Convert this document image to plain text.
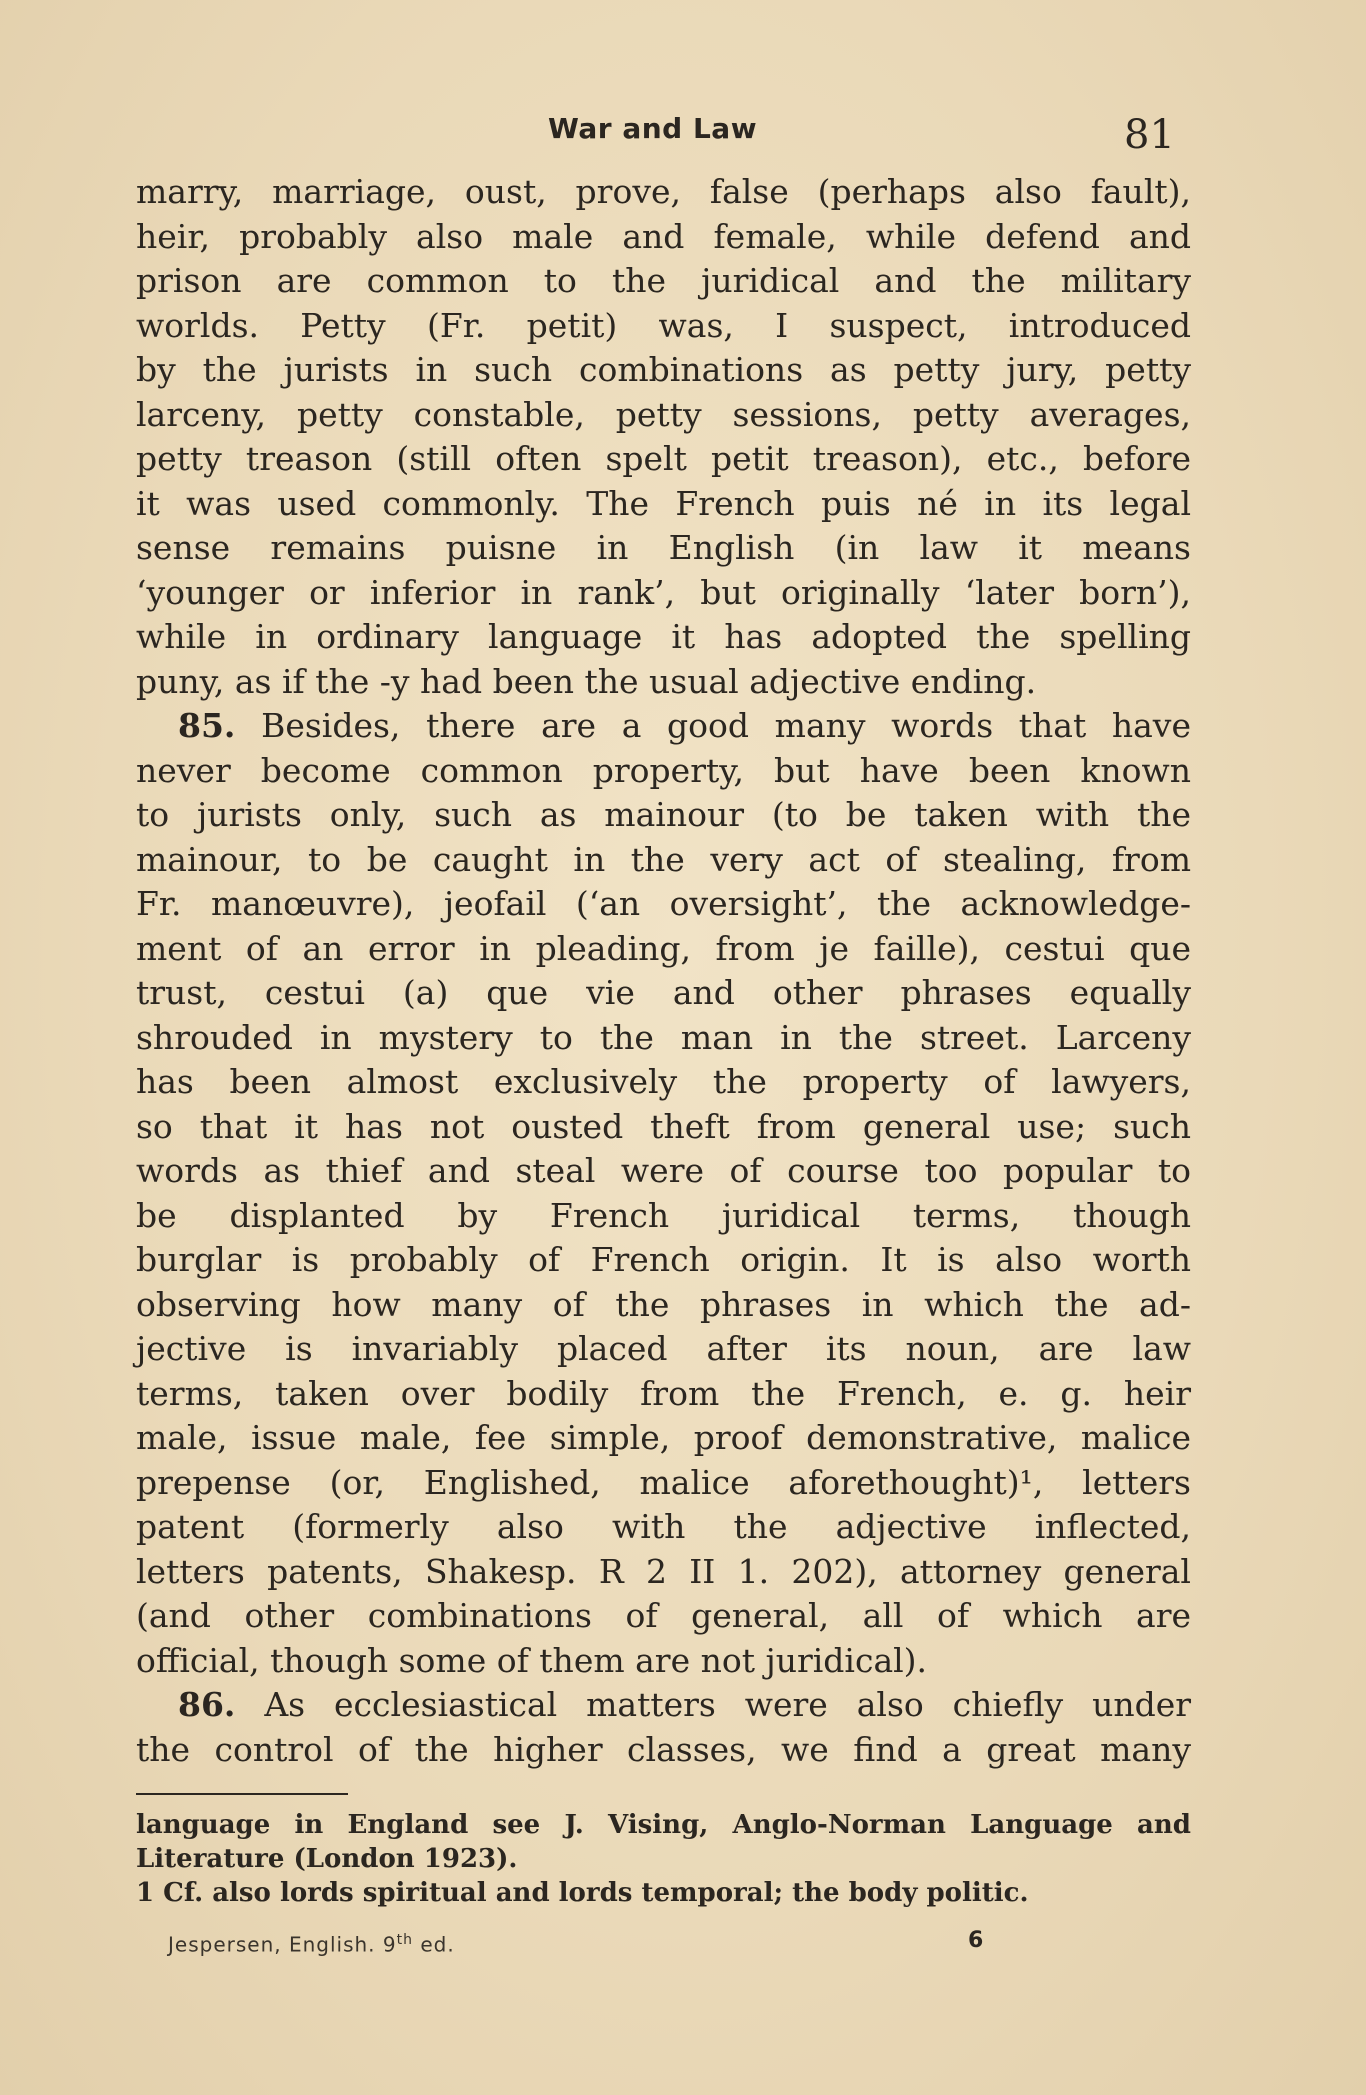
War and Law	81
marry, marriage, oust, prove, false (perhaps also fault),
heir, probably also male and female, while defend and
prison are common to the juridical and the military
worlds. Petty (Fr. petit) was, I suspect, introduced
by the jurists in such combinations as petty jury, petty
larceny, petty constable, petty sessions, petty averages,
petty treason (still often spelt petit treason), etc., before
it was used commonly. The French puis né in its legal
sense remains puisne in English (in law it means
‘younger or inferior in rank’, but originally ‘later born’),
while in ordinary language it has adopted the spelling
puny, as if the -y had been the usual adjective ending.
85. Besides, there are a good many words that have
never become common property, but have been known
to jurists only, such as mainour (to be taken with the
mainour, to be caught in the very act of stealing, from
Fr. manœuvre), jeofail (‘an oversight’, the acknowledge-
ment of an error in pleading, from je faille), cestui que
trust, cestui (a) que vie and other phrases equally
shrouded in mystery to the man in the street. Larceny
has been almost exclusively the property of lawyers,
so that it has not ousted theft from general use; such
words as thief and steal were of course too popular to
be displanted by French juridical terms, though
burglar is probably of French origin. It is also worth
observing how many of the phrases in which the ad-
jective is invariably placed after its noun, are law
terms, taken over bodily from the French, e. g. heir
male, issue male, fee simple, proof demonstrative, malice
prepense (or, Englished, malice aforethought)¹, letters
patent (formerly also with the adjective inflected,
letters patents, Shakesp. R 2 II 1. 202), attorney general
(and other combinations of general, all of which are
official, though some of them are not juridical).
86. As ecclesiastical matters were also chiefly under
the control of the higher classes, we find a great many
language in England see J. Vising, Anglo-Norman Language and
Literature (London 1923).
1 Cf. also lords spiritual and lords temporal; the body politic.
Jespersen, English. 9th ed.	6
